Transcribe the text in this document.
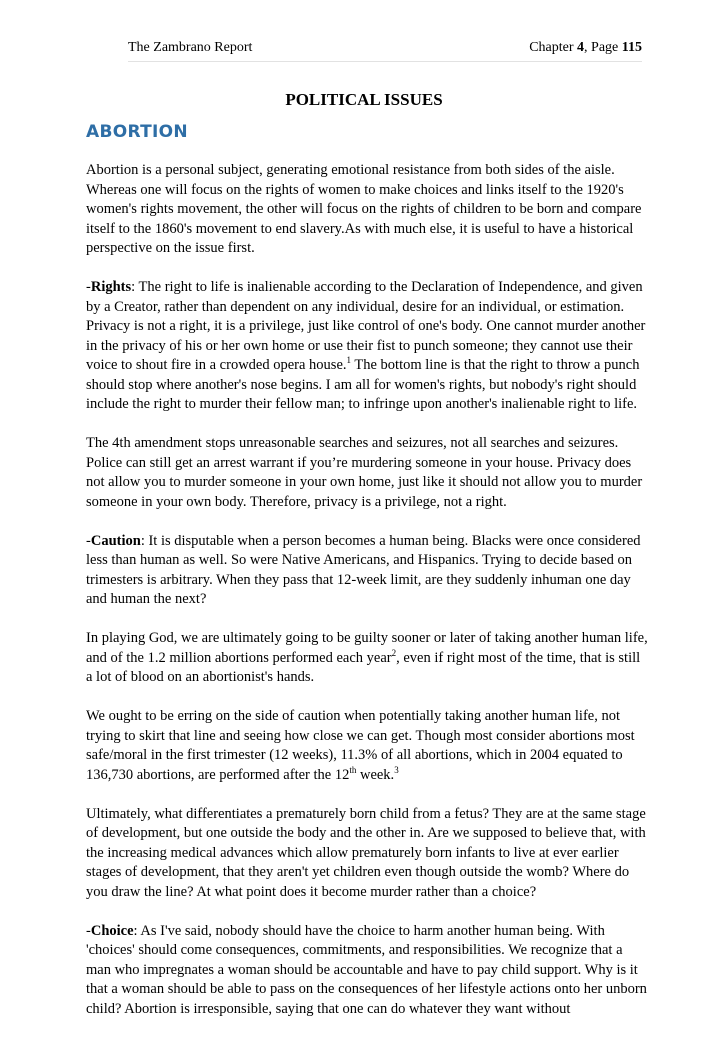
The Zambrano Report	Chapter 4, Page 115
POLITICAL ISSUES
ABORTION

Abortion is a personal subject, generating emotional resistance from both sides of the aisle. Whereas one will focus on the rights of women to make choices and links itself to the 1920's women's rights movement, the other will focus on the rights of children to be born and compare itself to the 1860's movement to end slavery.As with much else, it is useful to have a historical perspective on the issue first.

-Rights: The right to life is inalienable according to the Declaration of Independence, and given by a Creator, rather than dependent on any individual, desire for an individual, or estimation. Privacy is not a right, it is a privilege, just like control of one's body. One cannot murder another in the privacy of his or her own home or use their fist to punch someone; they cannot use their voice to shout fire in a crowded opera house.$^1$ The bottom line is that the right to throw a punch should stop where another's nose begins. I am all for women's rights, but nobody's right should include the right to murder their fellow man; to infringe upon another's inalienable right to life.

The 4th amendment stops unreasonable searches and seizures, not all searches and seizures. Police can still get an arrest warrant if you’re murdering someone in your house. Privacy does not allow you to murder someone in your own home, just like it should not allow you to murder someone in your own body. Therefore, privacy is a privilege, not a right.

-Caution: It is disputable when a person becomes a human being. Blacks were once considered less than human as well. So were Native Americans, and Hispanics. Trying to decide based on trimesters is arbitrary. When they pass that 12-week limit, are they suddenly inhuman one day and human the next?

In playing God, we are ultimately going to be guilty sooner or later of taking another human life, and of the 1.2 million abortions performed each year$^2$, even if right most of the time, that is still a lot of blood on an abortionist's hands.

We ought to be erring on the side of caution when potentially taking another human life, not trying to skirt that line and seeing how close we can get. Though most consider abortions most safe/moral in the first trimester (12 weeks), 11.3% of all abortions, which in 2004 equated to 136,730 abortions, are performed after the 12th week.$^3$

Ultimately, what differentiates a prematurely born child from a fetus? They are at the same stage of development, but one outside the body and the other in. Are we supposed to believe that, with the increasing medical advances which allow prematurely born infants to live at ever earlier stages of development, that they aren't yet children even though outside the womb? Where do you draw the line? At what point does it become murder rather than a choice?

-Choice: As I've said, nobody should have the choice to harm another human being. With 'choices' should come consequences, commitments, and responsibilities. We recognize that a man who impregnates a woman should be accountable and have to pay child support. Why is it that a woman should be able to pass on the consequences of her lifestyle actions onto her unborn child? Abortion is irresponsible, saying that one can do whatever they want without
